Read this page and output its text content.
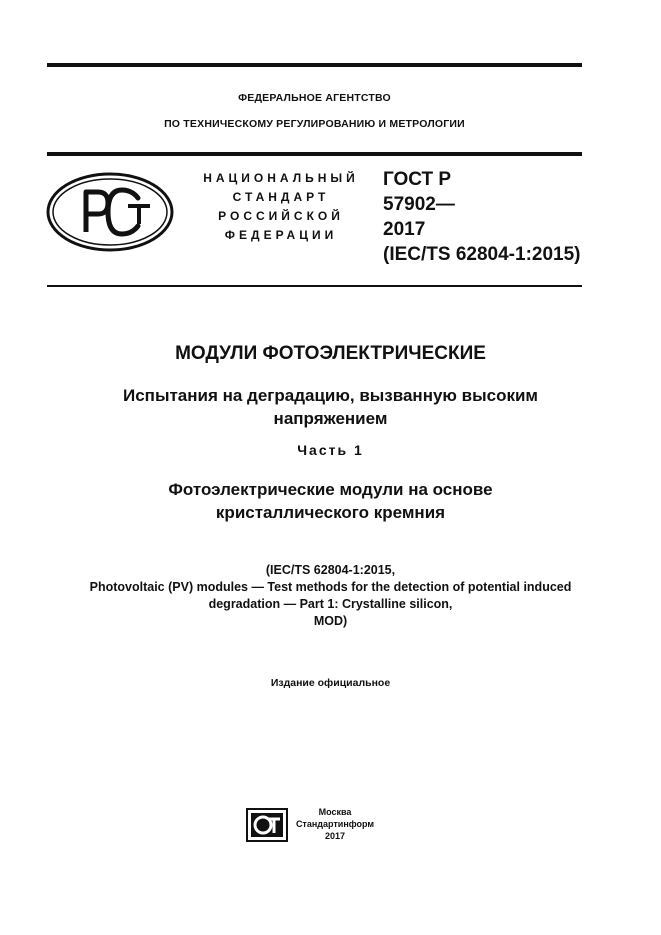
ФЕДЕРАЛЬНОЕ АГЕНТСТВО
ПО ТЕХНИЧЕСКОМУ РЕГУЛИРОВАНИЮ И МЕТРОЛОГИИ
НАЦИОНАЛЬНЫЙ
СТАНДАРТ
РОССИЙСКОЙ
ФЕДЕРАЦИИ
ГОСТ Р
57902—
2017
(IEC/TS 62804-1:2015)
МОДУЛИ ФОТОЭЛЕКТРИЧЕСКИЕ
Испытания на деградацию, вызванную высоким
напряжением
Часть 1
Фотоэлектрические модули на основе
кристаллического кремния
(IEC/TS 62804-1:2015,
Photovoltaic (PV) modules — Test methods for the detection of potential induced
degradation — Part 1: Crystalline silicon,
MOD)
Издание официальное
Москва
Стандартинформ
2017
